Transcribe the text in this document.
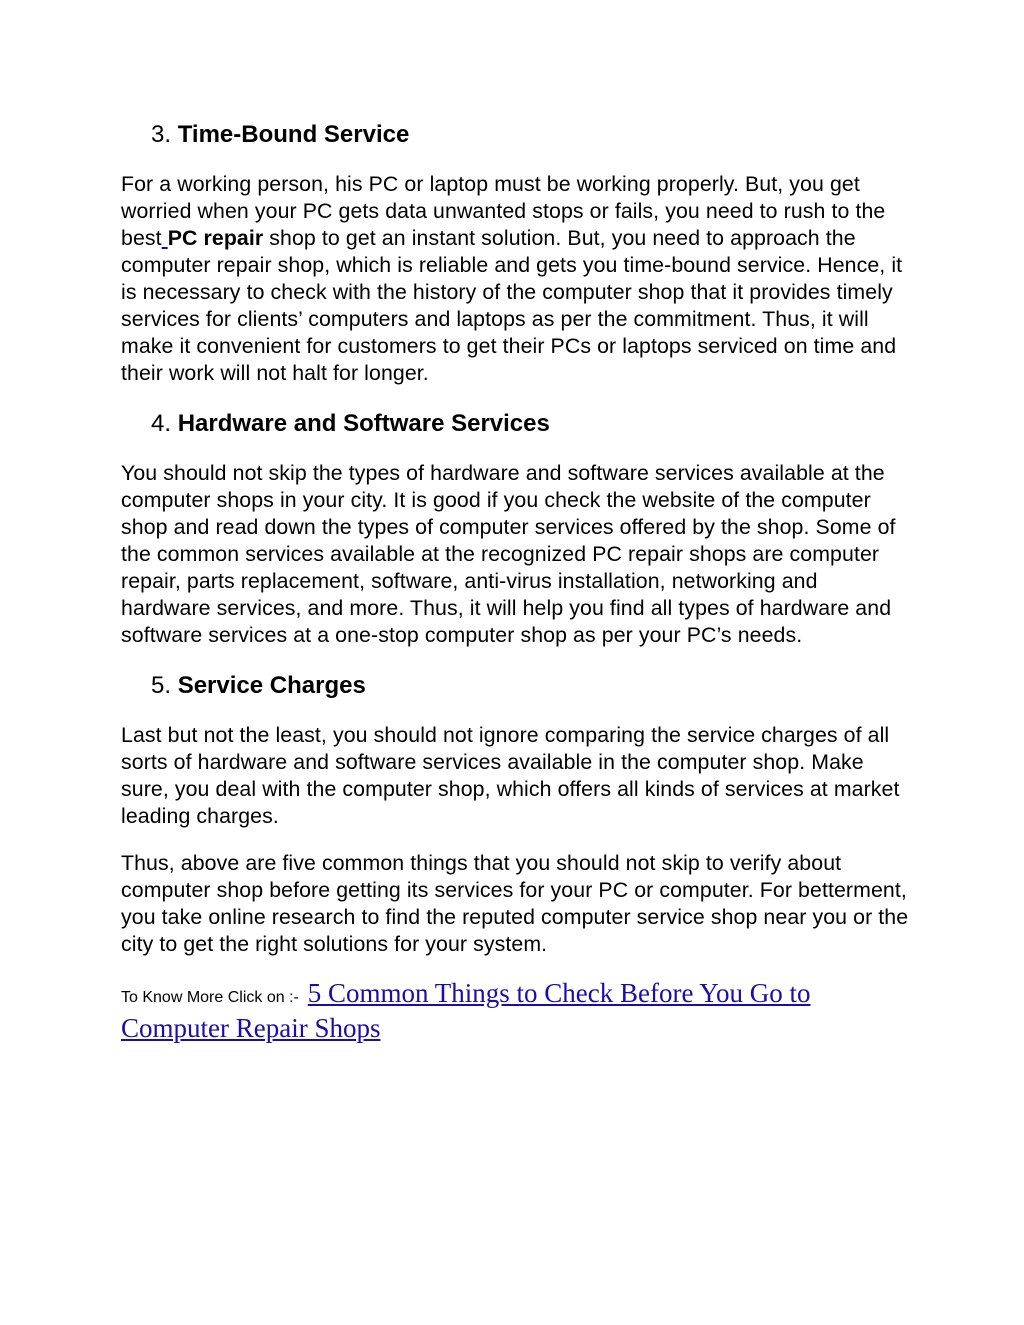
3. Time-Bound Service

For a working person, his PC or laptop must be working properly. But, you get worried when your PC gets data unwanted stops or fails, you need to rush to the best PC repair shop to get an instant solution. But, you need to approach the computer repair shop, which is reliable and gets you time-bound service. Hence, it is necessary to check with the history of the computer shop that it provides timely services for clients’ computers and laptops as per the commitment. Thus, it will make it convenient for customers to get their PCs or laptops serviced on time and their work will not halt for longer.

4. Hardware and Software Services

You should not skip the types of hardware and software services available at the computer shops in your city. It is good if you check the website of the computer shop and read down the types of computer services offered by the shop. Some of the common services available at the recognized PC repair shops are computer repair, parts replacement, software, anti-virus installation, networking and hardware services, and more. Thus, it will help you find all types of hardware and software services at a one-stop computer shop as per your PC’s needs.

5. Service Charges

Last but not the least, you should not ignore comparing the service charges of all sorts of hardware and software services available in the computer shop. Make sure, you deal with the computer shop, which offers all kinds of services at market leading charges.

Thus, above are five common things that you should not skip to verify about computer shop before getting its services for your PC or computer. For betterment, you take online research to find the reputed computer service shop near you or the city to get the right solutions for your system.

To Know More Click on :- 5 Common Things to Check Before You Go to Computer Repair Shops
